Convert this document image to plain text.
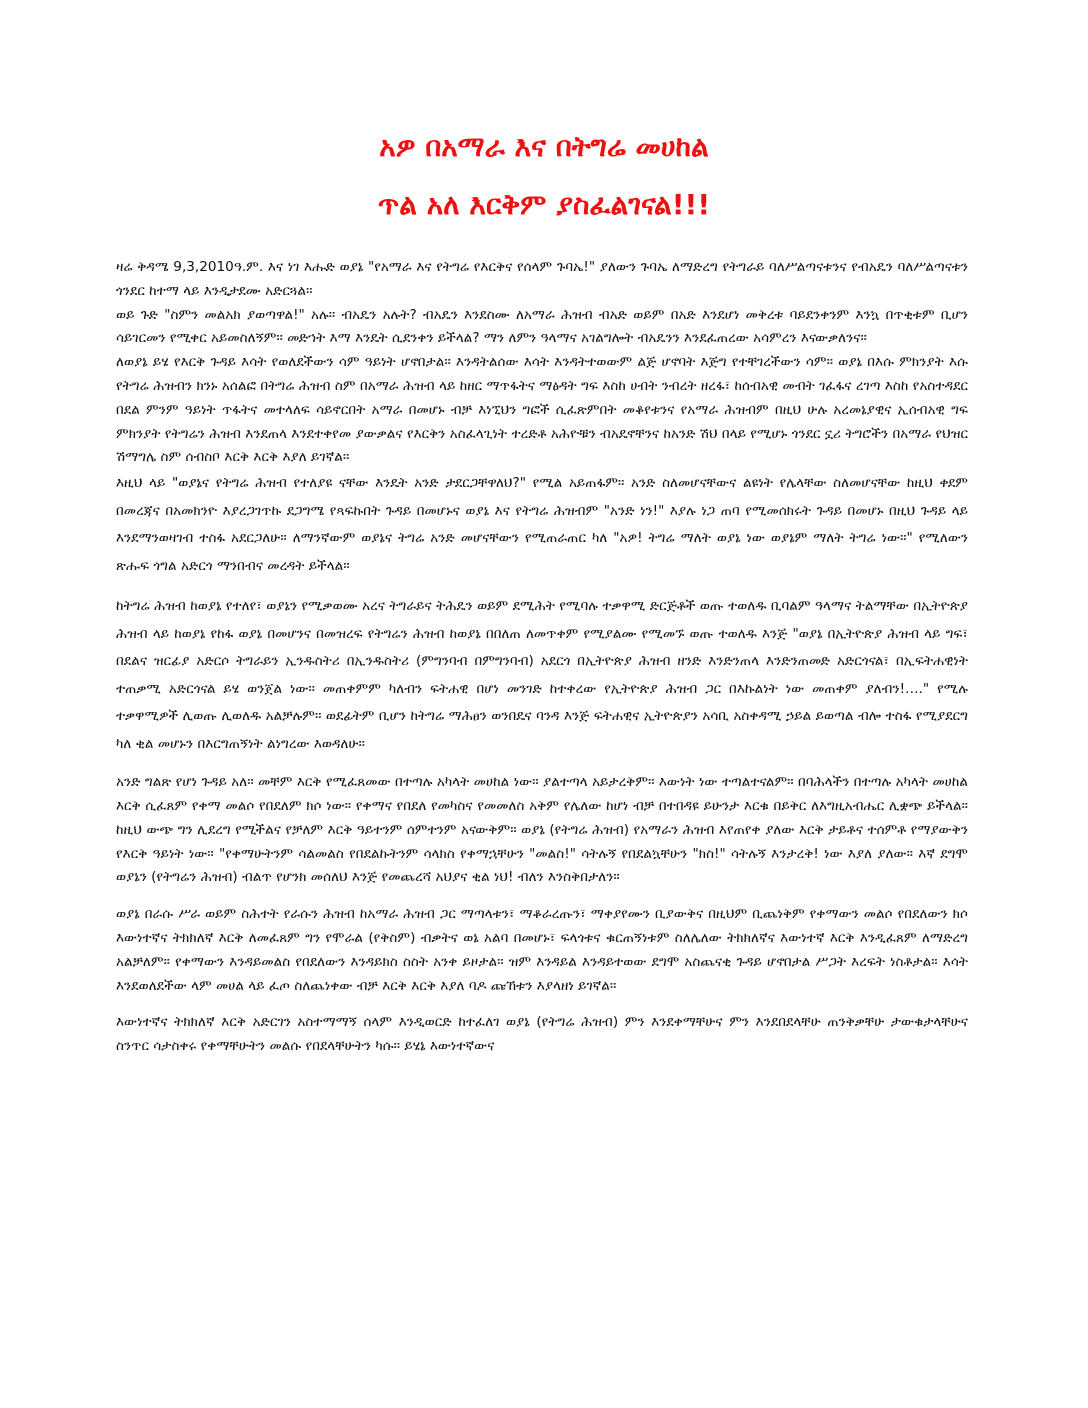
አዎ በአማራ እና በትግሬ መሀከል
ጥል አለ እርቅም ያስፈልገናል!!!

ዛሬ ቅዳሜ 9,3,2010ዓ.ም. እና ነገ እሑድ ወያኔ "የአማራ እና የትግሬ የእርቅና የሰላም ጉባኤ!" ያለውን ጉባኤ ለማድረግ የትግራይ ባለሥልጣናቱንና የብአዴን ባለሥልጣናቱን ጎንደር ከተማ ላይ እንዲታደሙ አድርጓል፡፡

ወይ ጉድ "ስምን መልአክ ያወጣዋል!" አሉ፡፡ ብአዴን አሉት? ብአዴን እንደስሙ ለአማራ ሕዝብ ብአድ ወይም በአድ እንደሆነ መቅረቱ ባይደንቀንም እንኳ በጥቂቱም ቢሆን ሳይገርመን የሚቀር አይመስለኝም፡፡ መድኀት እማ እንዴት ሲደንቀን ይችላል? ማን ለምን ዓላማና አገልግሎት ብአዴንን እንደፈጠረው አሳምረን እናውቃለንና፡፡

ለወያኔ ይሄ የእርቅ ጉዳይ እሳት የወለደችውን ሳም ዓይነት ሆኖበታል፡፡ እንዳትልሰው እሳት እንዳትተወውም ልጅ ሆኖባት እጅግ የተቸገረችውን ሳም፡፡ ወያኔ በእሱ ምክንያት እሱ የትግሬ ሕዝብን ክንኑ አሰልፎ በትግሬ ሕዝብ ስም በአማራ ሕዝብ ላይ ከዘር ማጥፋትና ማፅዳት ግፍ እስከ ሀብት ንብረት ዘረፋ፣ ከሰብአዊ መብት ገፈፋና ረገጣ እስከ የአስተዳደር በደል ምንም ዓይነት ጥፋትና መተላለፍ ሳይኖርበት አማራ በመሆኑ ብቻ እነኚህን ግፎች ሲፈጽምበት መቆየቱንና የአማራ ሕዝብም በዚህ ሁሉ አረመኔያዊና ኢሰብአዊ ግፍ ምክንያት የትግሬን ሕዝብ እንደጠላ እንደተቀየመ ያውቃልና የእርቅን አስፈላጊነት ተረድቶ አሕዮቹን ብአዴኖቸንና ከአንድ ሽህ በላይ የሚሆኑ ጎንደር ኗሪ ትግሮችን በአማራ የህዝር ሽማግሌ ስም ሰብስቦ እርቅ እርቅ እያለ ይገኛል፡፡

እዚህ ላይ "ወያኔና የትግሬ ሕዝብ የተለያዩ ናቸው እንዴት አንድ ታደርጋቸዋለህ?" የሚል አይጠፋም፡፡ አንድ ስለመሆናቸውና ልዩነት የሌላቸው ስለመሆናቸው ከዚህ ቀደም በመረጃና በአመክንዮ እያረጋገጥኩ ደጋግሜ የጻፍኩበት ጉዳይ በመሆኑና ወያኔ እና የትግሬ ሕዝብም "አንድ ነን!" እያሉ ነጋ ጠባ የሚመሰክሩት ጉዳይ በመሆኑ በዚህ ጉዳይ ላይ እንደማንወዛገብ ተስፋ አደርጋለሁ፡፡ ለማንኛውም ወያኔና ትግሬ አንድ መሆናቸውን የሚጠራጠር ካለ "አዎ! ትግሬ ማለት ወያኔ ነው ወያኔም ማለት ትግሬ ነው፡፡" የሚለውን ጽሑፍ ጎግል አድርጎ ማንበብና መረዳት ይችላል፡፡

ከትግሬ ሕዝብ ከወያኔ የተለየ፣ ወያኔን የሚቃወሙ አረና ትግራይና ትሕዴን ወይም ደሚሕት የሚባሉ ተቃዋሚ ድርጅቶች ወጡ ተወለዱ ቢባልም ዓላማና ትልማቸው በኢትዮጵያ ሕዝብ ላይ ከወያኔ የከፋ ወያኔ በመሆንና በመዝረፍ የትግሬን ሕዝብ ከወያኔ በበለጠ ለመጥቀም የሚያልሙ የሚመኙ ወጡ ተወለዱ እንጅ "ወያኔ በኢትዮጵያ ሕዝብ ላይ ግፍ፣ በደልና ዝርፊያ አድርሶ ትግራይን ኢንዱስትሪ በኢንዱስትሪ (ምግንባብ በምግንባብ) አደርጎ በኢትዮጵያ ሕዝብ ዘንድ እንድንጠላ እንድንጠመድ አድርጎናል፣ በኢፍትሐዊነት ተጠቃሚ አድርጎናል ይሄ ወንጀል ነው፡፡ መጠቀምም ካለብን ፍትሐዊ በሆነ መንገድ ከተቀረው የኢትዮጵያ ሕዝብ ጋር በእኩልነት ነው መጠቀም ያለብን!…." የሚሉ ተቃዋሚዎች ሊወጡ ሊወለዱ አልቻሉም፡፡ ወደፊትም ቢሆን ከትግሬ ማሕፀን ወንበዴና ባንዳ እንጅ ፍትሐዊና ኢትዮጵያን አሳቢ አስቀዳሚ ኃይል ይወጣል ብሎ ተስፋ የሚያደርግ ካለ ቂል መሆኑን በእርግጠኝነት ልነግረው እወዳለሁ፡፡

አንድ ግልጽ የሆነ ጉዳይ አለ፡፡ መቸም እርቅ የሚፈጸመው በተጣሉ አካላት መሀከል ነው፡፡ ያልተጣላ አይታረቅም፡፡ እውነት ነው ተጣልተናልም፡፡ በባሕላችን በተጣሉ አካላት መሀከል እርቅ ሲፈጸም የቀማ መልሶ የበደለም ክሶ ነው፡፡ የቀማና የበደለ የመካስና የመመለስ አቅም የሌለው ከሆነ ብቻ በተበዳዩ ይሁንታ እርቁ በይቅር ለእግዚአብሔር ሊቋጭ ይችላል፡፡ ከዚህ ውጭ ግን ሊደረግ የሚችልና የቻለም እርቅ ዓይተንም ሰምተንም አናውቅም፡፡ ወያኔ (የትግሬ ሕዝብ) የአማራን ሕዝብ እየጠየቀ ያለው እርቅ ታይቶና ተሰምቶ የማያውቅን የእርቅ ዓይነት ነው፡፡ "የቀማሁትንም ሳልመልስ የበደልኩትንም ሳላክስ የቀማኋቸሁን "መልስ!" ሳትሉኝ የበደልኳቸሁን "ክስ!" ሳትሉኝ እንታረቅ! ነው እያለ ያለው፡፡ እኛ ደግሞ ወያኔን (የትግሬን ሕዝብ) ብልጥ የሆንክ መሰለህ እንጅ የመጨረሻ አህያና ቂል ነህ! ብለን እንስቅበታለን፡፡

ወያኔ በራሱ ሥራ ወይም ስሕተት የራሱን ሕዝብ ከአማራ ሕዝብ ጋር ማጣላቱን፣ ማቆራረጡን፣ ማቀያየሙን ቢያውቅና በዚህም ቢጨነቅም የቀማውን መልሶ የበደለውን ክሶ እውነተኛና ትክክለኛ እርቅ ለመፈጸም ግን የሞራል (የቅስም) ብቃትና ወኔ አልባ በመሆኑ፣ ፍላጎቱና ቁርጠኝነቱም ስለሌለው ትክክለኛና እውነተኛ እርቅ እንዲፈጸም ለማድረግ አልቻለም፡፡ የቀማውን እንዳይመልስ የበደለውን እንዳይክስ ስስት አንቀ ይዞታል፡፡ ዝም እንዳይል እንዳይተወው ደግሞ አስጨናቂ ጉዳይ ሆኖበታል ሥጋት እረፍት ነስቶታል፡፡ እሳት እንደወለደችው ላም መሀል ላይ ፈጦ ስለጨነቀው ብቻ እርቅ እርቅ እያለ ባዶ ጩኸቱን እያላዘነ ይገኛል፡፡

እውነተኛና ትክክለኛ እርቅ አድርገን አስተማማኝ ሰላም እንዲወርድ ከተፈለገ ወያኔ (የትግሬ ሕዝብ) ምን እንደቀማቸሁና ምን እንደበደላቸሁ ጠንቅቃቸሁ ታውቁታላቸሁና ስንጥር ሳታስቀሩ የቀማቸሁትን መልሱ የበደላቸሁትን ካሱ፡፡ ይሄኔ እውነተኛውና
